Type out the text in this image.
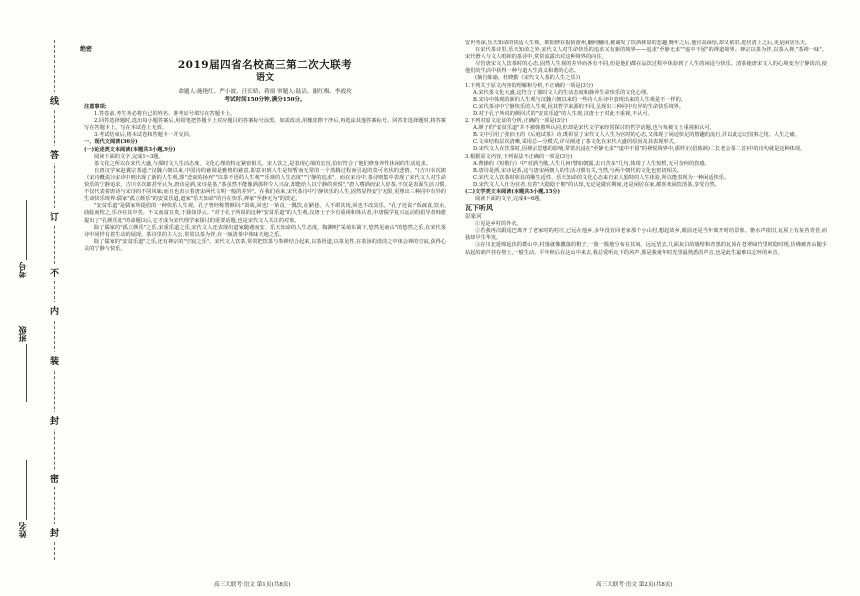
考号
班级
姓名
线
答
订
不
内
装
封
密
封
绝密
2019届四省名校高三第二次大联考
语文
命题人:施艳红、严小波、汪长娇、蒋窗 审题人:陆洁、谢红梅、李霞玫
考试时间150分钟,满分150分。

注意事项:

1.答卷前,考生务必将自己的姓名、准考证号填写在答题卡上。

2.回答选择题时,选出每小题答案后,用铅笔把答题卡上对应题目的答案标号涂黑。如需改动,用橡皮擦干净后,再选涂其他答案标号。回答非选择题时,将答案写在答题卡上。写在本试卷上无效。

3.考试结束后,将本试卷和答题卡一并交回。

一、现代文阅读(36分)

(一)论述类文本阅读(本题共3小题,9分)

阅读下面的文字,完成1~3题。

茶文化之所以在宋代大盛,与那时文人生活态度、文化心理的特定紧密相关。宋人饮之,是表现心境的宏旨,恰好符合了他们修身养性休闲的生活追求。

自唐汉学家赵翼宗茶道:"汉魏六朝以来,中国诗的慈调是雅格的慈意,即意识到人生是短暂而无常的一个蒸腾过程而引起的莫可名状的悲情。"(吉川幸次郎《宋诗概说》)宋诗中则出现了新的人生观,即"悲衰的扬弃""以茶不语的人生观""乐观的人生态度""宁静的追求"。而在宋诗中,茶诗则集中表现了宋代文人对生命快乐的宁静追求。吉川幸次郎甚至认为,唐诗是酒,宋诗是茶,"茶虽然不能像酒那样令人兴奋,却能给人以宁静的喜悦","唐人嗜酒而宋人好茶,不仅是表面生活习惯,不仅代表着唐诗与宋诗的不同风味;而且也表示着唐宋两代文明一般的差异"。在我们看来,宋代茶诗中宁静快乐的人生,固然显得安宁无限,更理出三种同中有异的生命快乐境界:儒家"孤立颜乐"的安贫乐道,道家"乐天知命"的自在快乐,禅家"至静无为"的淡定。

"安贫乐道"是儒家所提倡的一种快乐人生观。孔子曾经称赞颜回:"贤哉,回也!一箪食,一瓢饮,在陋巷。人不堪其忧,回也不改其乐。"孔子还说:"饭疏食,饮水,曲肱而枕之,乐亦在其中矣。不义而富且贵,于我如浮云。"对于孔子所说的这种"安贫乐道"的人生观,汉唐士子少有重视和体认者,中唐儒学复兴运动的倡导者韩愈提出了"孔颜乐处"的命题以后,它才成为宋代理学家探讨的重要话题,也是宋代文人关注的对象。

除了儒家的"孤立颜乐"之乐,宋重乐道之乐,宋代文人还表现出道家随遇而安、乐天知命的人生态度。陶渊明"采菊东篱下,悠然见南山"的悠然之乐,在宋代茶诗中同样有着生动的展现。茶诗里的主人公,常常以茶为伴,在一瓯清茶中体味天地之乐。

除了儒家的"安贫乐道"之乐,还有禅宗的"空寂之乐"。宋代文人饮茶,常常把饮茶与参禅结合起来,以茶悟道,以茶见性,在茶汤的清淡之中体会禅的空寂,获得心灵的宁静与快乐。

安世务深,乐天知命的快适人生观。欧阳修在报宿游州,翻何翻同,被谪发了饮酒林泉的悲趣,晚年之后,他官高禄厚,却又依旧,进居清上之后,更是闲居乐天。

在宋代茶诗里,乐天知命之外,宋代文人对生命快乐的追求又有新的境界——追求"至静无求""虚中不留"的禅道境界。禅宗以茶为伴,以茶入禅,"茶禅一味"。宋代僧人与文人唱和的茶诗中,常常流露出对这种境界的向往。

尽管唐宋文人饮茶时的心态,固然人生观的差异而各有不同,但是他们都在品饮过程中体验到了人生的闲适与快乐。清茶使唐宋文人的心境变为宁静淡泊,使他们的生活中获得一种与道大生真义和谐的心态。

(摘自陈瑜、杜晓勤《宋代文人茶的人生之乐》)

1.下列关于原文内容的理解和分析,不正确的一项是(3分)

A.宋代茶文化大盛,这符合了那时文人的生活态度和静养生命快乐的文化心理。

B.宋诗中体现的新的人生观与汉魏六朝以来的一些诗人在诗中表现出来的人生观是不一样的。

C.宋代茶诗中宁静快乐的人生观,因其哲学来源的不同,呈现出三种同中有异的生命快乐境界。

D.对于孔子所说的颜回式的"安贫乐道"的人生观,汉唐士子对此不重视,不认可。

2.下列对原文论证的分析,正确的一项是(3分)

A.颜子的"安贫乐道"并不被韩愈所认同,但却是宋代文学家经常探讨的哲学话题,也与每被文士重视和认可。

B.文中引用了张佰玉的《后庭试茶》诗,既彰显了宋代文人人生为官时的心态,又体现了闲适快足的情趣的流行,并以此忘记国事之忧、人生之痛。

C.文章结构层次清晰,采用总—分模式,详尽阐述了茶文化在宋代大盛的原因及其表现形式。

D.宋代文人在饮茶时,因禅宗思想的影响,常常沉浸在"至静无求""虚中不留"的禅悦境界中,那样正(招致祸)二长老会茶二首)中的诗句就是这种体现。

3.根据原文内容,下列说法不正确的一项是(3分)

A.曹操的《短歌行》中"对酒当歌,人生几何!譬如朝露,去日苦多"几句,体现了人生短暂,无可奈何的伤感。

B.唐诗是酒,宋诗是茶,这与唐宋两朝人的生活习惯有关,当然,与两个朝代的文化也密切相关。

C.宋代文人饮茶时彰显的顺生适性、乐天知命的文化心态来自宋人独特的人生体验,所以能表现为一种闲适快乐。

D.宋代文人人仕为官者,有着"大隐隐于朝"的认知,无论是做官期间,还是闲居在家,都喜欢闲饮清茶,享受自然。

(二)文学类文本阅读(本题共3小题,15分)

阅读下面的文字,完成4~6题。

瓦下听风

彭家河

①见是乡村的外衣。

②若我再次跟尾巴离开了老家时的村庄,已远在他乡,多年没有回老家那个小山村,想起故乡,眼前还是当年离开时的景象。檐水声依旧,瓦屋上有灰苔青苔,而我却早生华发。

③在川北延绵起伏的群山中,村落就像撒落的棋子,一簇一簇地分布在其间。远远望去,几面灰白的墙壁和青黑的瓦顶在苍翠绿竹里时隐时现,仿佛被青山随手拈起的葫芦挂在壁上,一般生动。平年秋后在这山中来去,我总爱听瓦下的风声,那是我童年时光里最熟悉的声音,也是此生最难以忘怀的乡音。

高三大联考·语文 第1页(共8页)	高三大联考·语文 第2页(共8页)
